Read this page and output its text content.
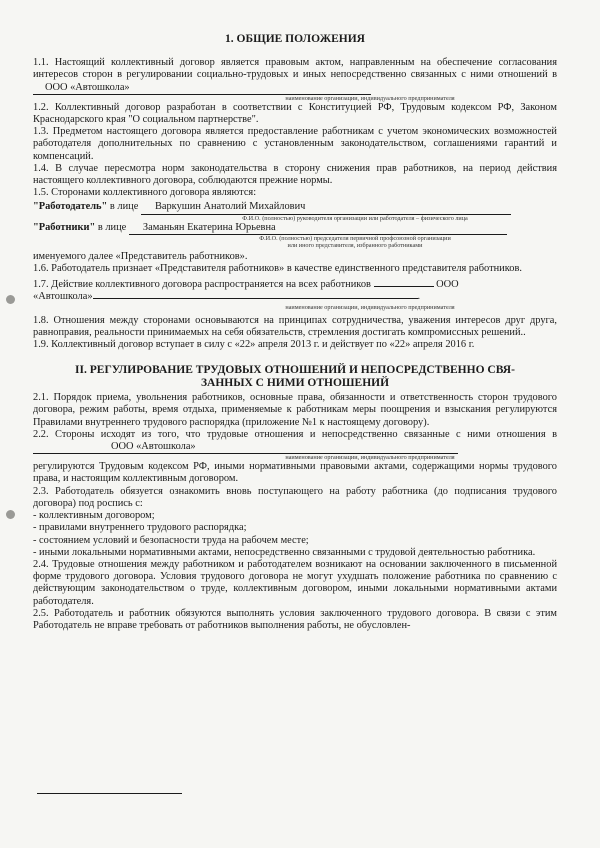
1. ОБЩИЕ ПОЛОЖЕНИЯ

1.1. Настоящий коллективный договор является правовым актом, направленным на обеспечение согласования интересов сторон в регулировании социально-трудовых и иных непосредственно связанных с ними отношений в ООО «Автошкола»

наименование организации, индивидуального предпринимателя

1.2. Коллективный договор разработан в соответствии с Конституцией РФ, Трудовым кодексом РФ, Законом Краснодарского края "О социальном партнерстве".

1.3. Предметом настоящего договора является предоставление работникам с учетом экономических возможностей работодателя дополнительных по сравнению с установленным законодательством, соглашениями гарантий и компенсаций.

1.4. В случае пересмотра норм законодательства в сторону снижения прав работников, на период действия настоящего коллективного договора, соблюдаются прежние нормы.

1.5. Сторонами коллективного договора являются:

"Работодатель"
в лице
	Варкушин Анатолий Михайлович
Ф.И.О. (полностью) руководителя организации или работодателя – физического лица
"Работники"
в лице
	Заманьян Екатерина Юрьевна
Ф.И.О. (полностью) председателя первичной профсоюзной организации
или иного представителя, избранного работниками

именуемого далее «Представитель работников».

1.6. Работодатель признает «Представителя работников» в качестве единственного представителя работников.

1.7. Действие коллективного договора распространяется на всех работников	ООО

«Автошкола»	.
наименование организации, индивидуального предпринимателя

1.8. Отношения между сторонами основываются на принципах сотрудничества, уважения интересов друг друга, равноправия, реальности принимаемых на себя обязательств, стремления достигать компромиссных решений..

1.9. Коллективный договор вступает в силу с «22» апреля 2013 г. и действует по «22» апреля 2016 г.

II. РЕГУЛИРОВАНИЕ ТРУДОВЫХ ОТНОШЕНИЙ И НЕПОСРЕДСТВЕННО СВЯ-
ЗАННЫХ С НИМИ ОТНОШЕНИЙ

2.1. Порядок приема, увольнения работников, основные права, обязанности и ответственность сторон трудового договора, режим работы, время отдыха, применяемые к работникам меры поощрения и взыскания регулируются Правилами внутреннего трудового распорядка (приложение №1 к настоящему договору).

2.2. Стороны исходят из того, что трудовые отношения и непосредственно связанные с ними отношения в ООО «Автошкола»

наименование организации, индивидуального предпринимателя

регулируются Трудовым кодексом РФ, иными нормативными правовыми актами, содержащими нормы трудового права, и настоящим коллективным договором.

2.3. Работодатель обязуется ознакомить вновь поступающего на работу работника (до подписания трудового договора) под роспись с:

- коллективным договором;

- правилами внутреннего трудового распорядка;

- состоянием условий и безопасности труда на рабочем месте;

- иными локальными нормативными актами, непосредственно связанными с трудовой деятельностью работника.

2.4. Трудовые отношения между работником и работодателем возникают на основании заключенного в письменной форме трудового договора. Условия трудового договора не могут ухудшать положение работника по сравнению с действующим законодательством о труде, коллективным договором, иными локальными нормативными актами работодателя.

2.5. Работодатель и работник обязуются выполнять условия заключенного трудового договора. В связи с этим Работодатель не вправе требовать от работников выполнения работы, не обусловлен-
